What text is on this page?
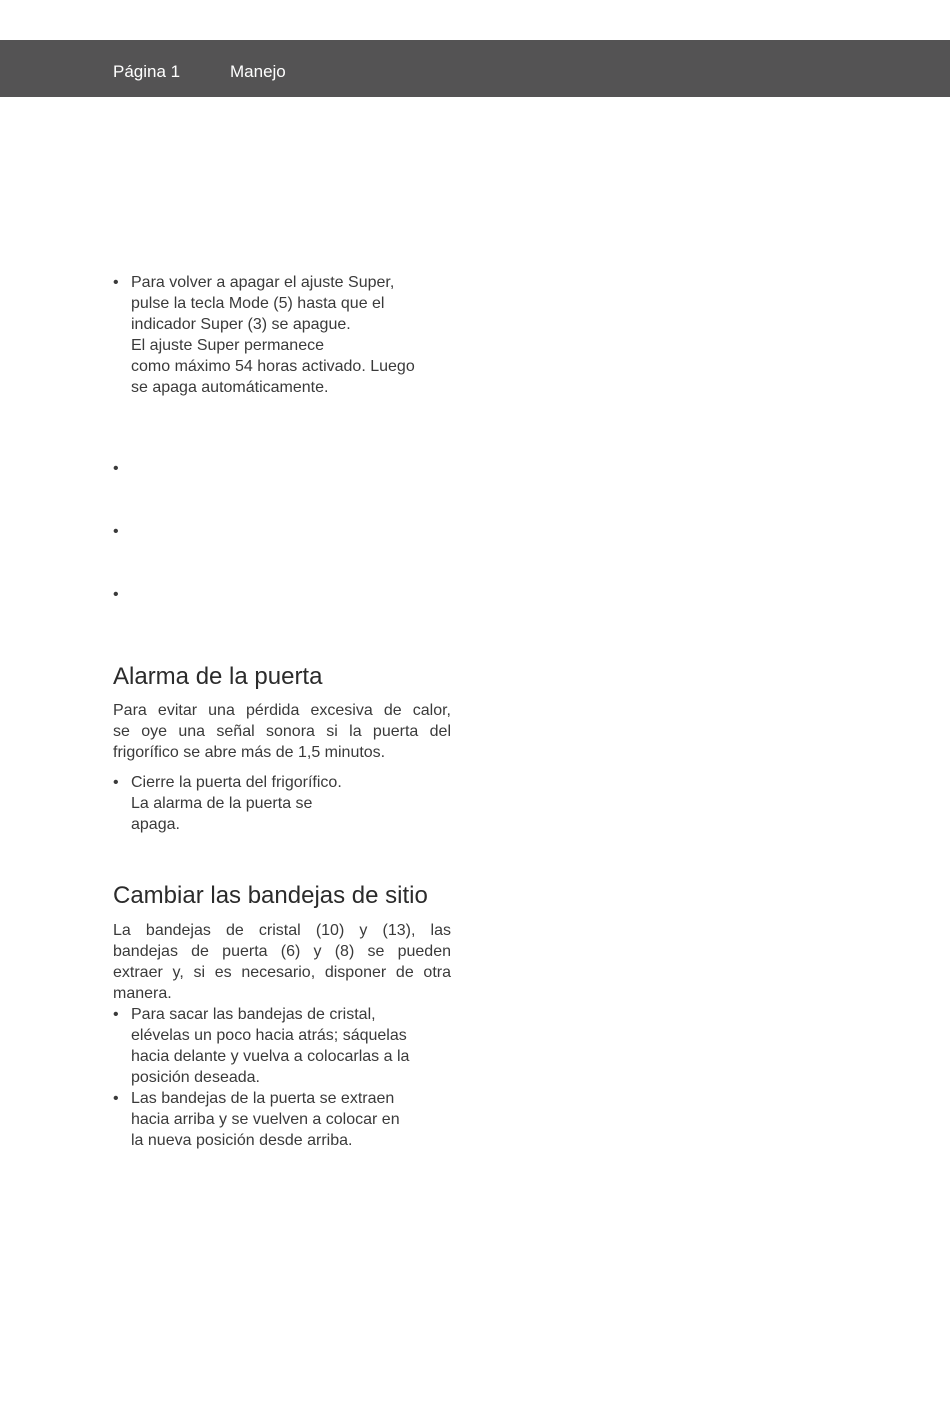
Página 1	Manejo
• Para volver a apagar el ajuste Super,
pulse la tecla Mode (5) hasta que el
indicador Super (3) se apague.
El ajuste Super permanece
como máximo 54 horas activado. Luego
se apaga automáticamente.
•
•
•
Alarma de la puerta
Para evitar una pérdida excesiva de calor,
se oye una señal sonora si la puerta del
frigorífico se abre más de 1,5 minutos.
• Cierre la puerta del frigorífico.
La alarma de la puerta se
apaga.
Cambiar las bandejas de sitio
La bandejas de cristal (10) y (13), las
bandejas de puerta (6) y (8) se pueden
extraer y, si es necesario, disponer de otra
manera.
• Para sacar las bandejas de cristal,
elévelas un poco hacia atrás; sáquelas
hacia delante y vuelva a colocarlas a la
posición deseada.
• Las bandejas de la puerta se extraen
hacia arriba y se vuelven a colocar en
la nueva posición desde arriba.
